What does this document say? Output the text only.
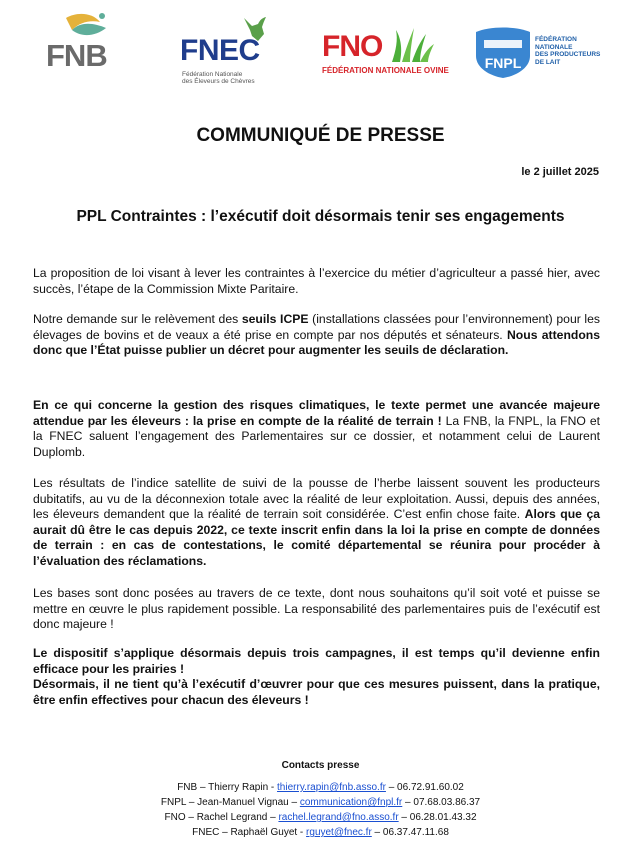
FNB FNEC
Fédération Nationale
des Éleveurs de Chèvres
FNO
FÉDÉRATION NATIONALE OVINE	FNPL
FÉDÉRATION
NATIONALE
DES PRODUCTEURS
DE LAIT
COMMUNIQUÉ DE PRESSE
le 2 juillet 2025
PPL Contraintes : l’exécutif doit désormais tenir ses engagements

La proposition de loi visant à lever les contraintes à l’exercice du métier d’agriculteur a passé hier, avec succès, l’étape de la Commission Mixte Paritaire.

Notre demande sur le relèvement des seuils ICPE (installations classées pour l’environnement) pour les élevages de bovins et de veaux a été prise en compte par nos députés et sénateurs. Nous attendons donc que l’État puisse publier un décret pour augmenter les seuils de déclaration.

En ce qui concerne la gestion des risques climatiques, le texte permet une avancée majeure attendue par les éleveurs : la prise en compte de la réalité de terrain ! La FNB, la FNPL, la FNO et la FNEC saluent l’engagement des Parlementaires sur ce dossier, et notamment celui de Laurent Duplomb.

Les résultats de l’indice satellite de suivi de la pousse de l’herbe laissent souvent les producteurs dubitatifs, au vu de la déconnexion totale avec la réalité de leur exploitation. Aussi, depuis des années, les éleveurs demandent que la réalité de terrain soit considérée. C’est enfin chose faite. Alors que ça aurait dû être le cas depuis 2022, ce texte inscrit enfin dans la loi la prise en compte de données de terrain : en cas de contestations, le comité départemental se réunira pour procéder à l’évaluation des réclamations.

Les bases sont donc posées au travers de ce texte, dont nous souhaitons qu’il soit voté et puisse se mettre en œuvre le plus rapidement possible. La responsabilité des parlementaires puis de l’exécutif est donc majeure !

Le dispositif s’applique désormais depuis trois campagnes, il est temps qu’il devienne enfin efficace pour les prairies !
Désormais, il ne tient qu’à l’exécutif d’œuvrer pour que ces mesures puissent, dans la pratique, être enfin effectives pour chacun des éleveurs !

Contacts presse
FNB – Thierry Rapin - thierry.rapin@fnb.asso.fr – 06.72.91.60.02
FNPL – Jean-Manuel Vignau – communication@fnpl.fr – 07.68.03.86.37
FNO – Rachel Legrand – rachel.legrand@fno.asso.fr – 06.28.01.43.32
FNEC – Raphaël Guyet - rguyet@fnec.fr – 06.37.47.11.68
